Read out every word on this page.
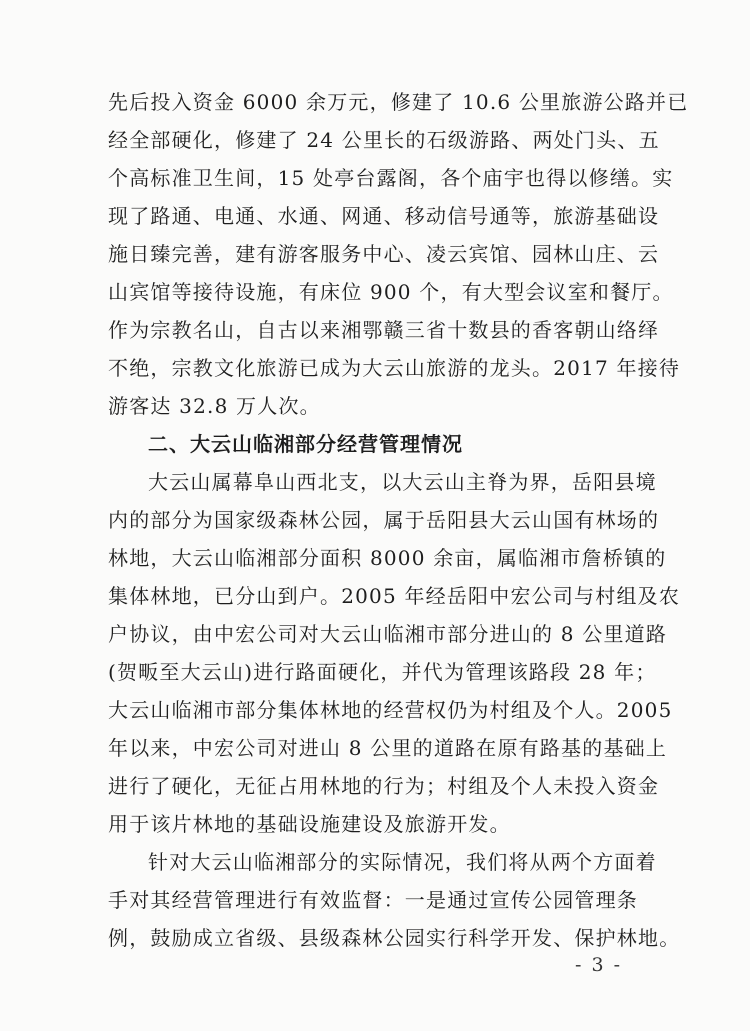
先后投入资金 6000 余万元，修建了 10.6 公里旅游公路并已
经全部硬化，修建了 24 公里长的石级游路、两处门头、五
个高标准卫生间，15 处亭台露阁，各个庙宇也得以修缮。实
现了路通、电通、水通、网通、移动信号通等，旅游基础设
施日臻完善，建有游客服务中心、凌云宾馆、园林山庄、云
山宾馆等接待设施，有床位 900 个，有大型会议室和餐厅。
作为宗教名山，自古以来湘鄂赣三省十数县的香客朝山络绎
不绝，宗教文化旅游已成为大云山旅游的龙头。2017 年接待
游客达 32.8 万人次。
二、大云山临湘部分经营管理情况
大云山属幕阜山西北支，以大云山主脊为界，岳阳县境
内的部分为国家级森林公园，属于岳阳县大云山国有林场的
林地，大云山临湘部分面积 8000 余亩，属临湘市詹桥镇的
集体林地，已分山到户。2005 年经岳阳中宏公司与村组及农
户协议，由中宏公司对大云山临湘市部分进山的 8 公里道路
(贺畈至大云山)进行路面硬化，并代为管理该路段 28 年；
大云山临湘市部分集体林地的经营权仍为村组及个人。2005
年以来，中宏公司对进山 8 公里的道路在原有路基的基础上
进行了硬化，无征占用林地的行为；村组及个人未投入资金
用于该片林地的基础设施建设及旅游开发。
针对大云山临湘部分的实际情况，我们将从两个方面着
手对其经营管理进行有效监督：一是通过宣传公园管理条
例，鼓励成立省级、县级森林公园实行科学开发、保护林地。
- 3 -
